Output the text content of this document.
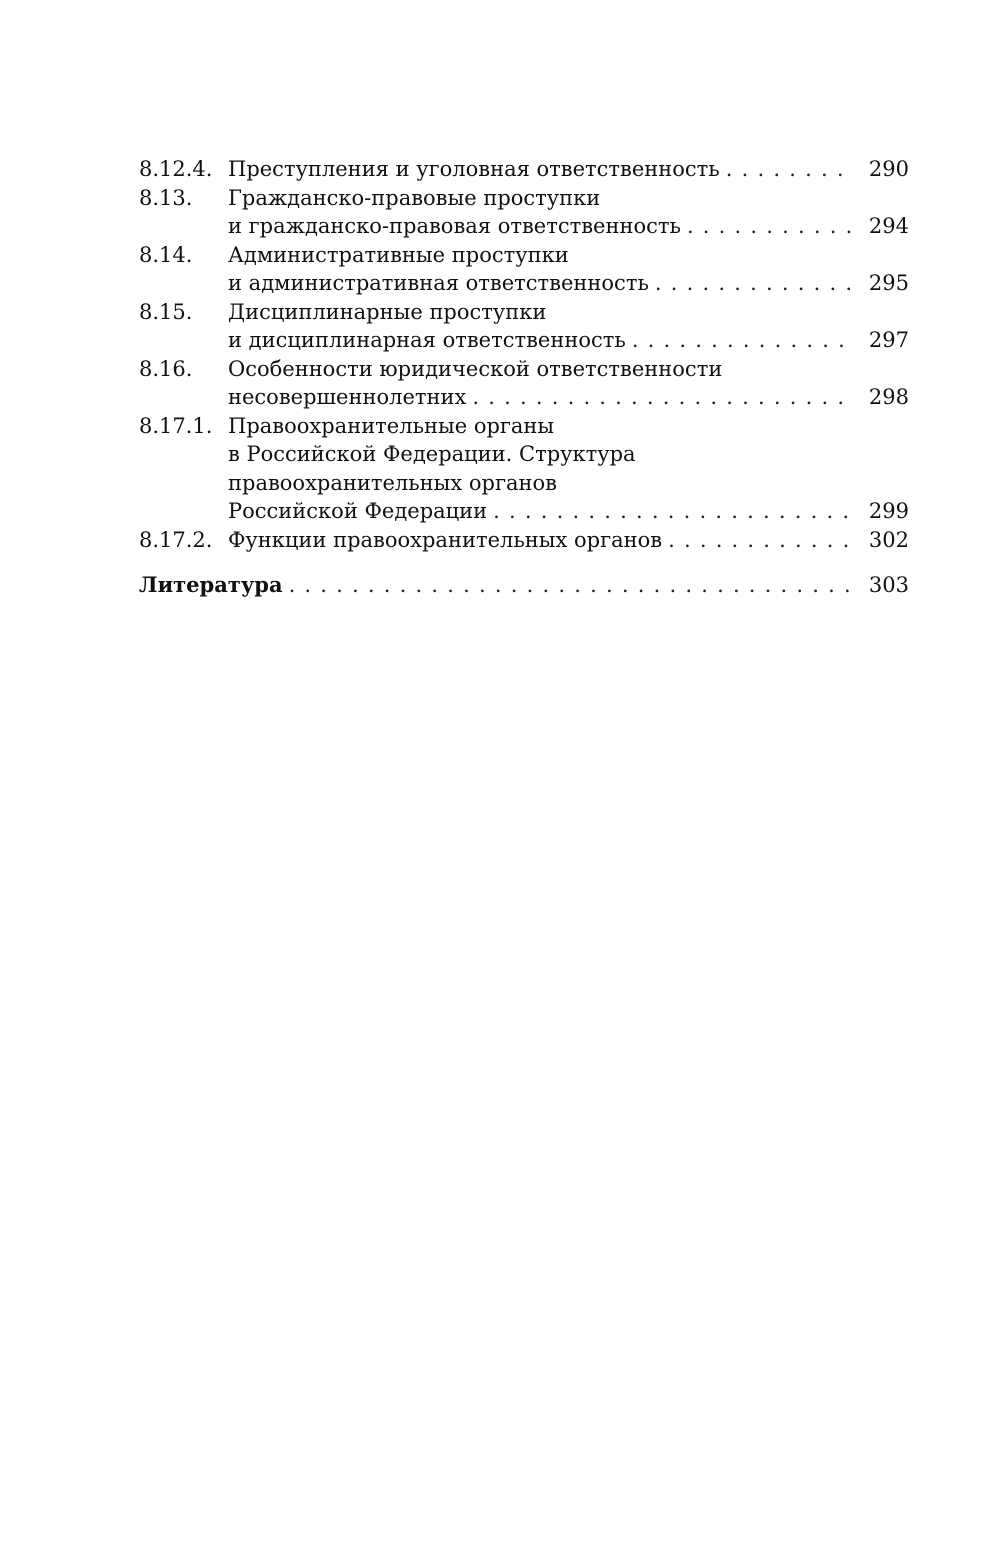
8.12.4. Преступления и уголовная ответственность . . .	290
8.13.	Гражданско-правовые проступки
и гражданско-правовая ответственность . . .	294
8.14.	Административные проступки
и административная ответственность . . .	295
8.15.	Дисциплинарные проступки
и дисциплинарная ответственность . . .	297
8.16.	Особенности юридической ответственности
несовершеннолетних . . .	298
8.17.1. Правоохранительные органы
в Российской Федерации. Структура
правоохранительных органов
Российской Федерации . . .	299
8.17.2. Функции правоохранительных органов . . .	302
Литература . . .	303
